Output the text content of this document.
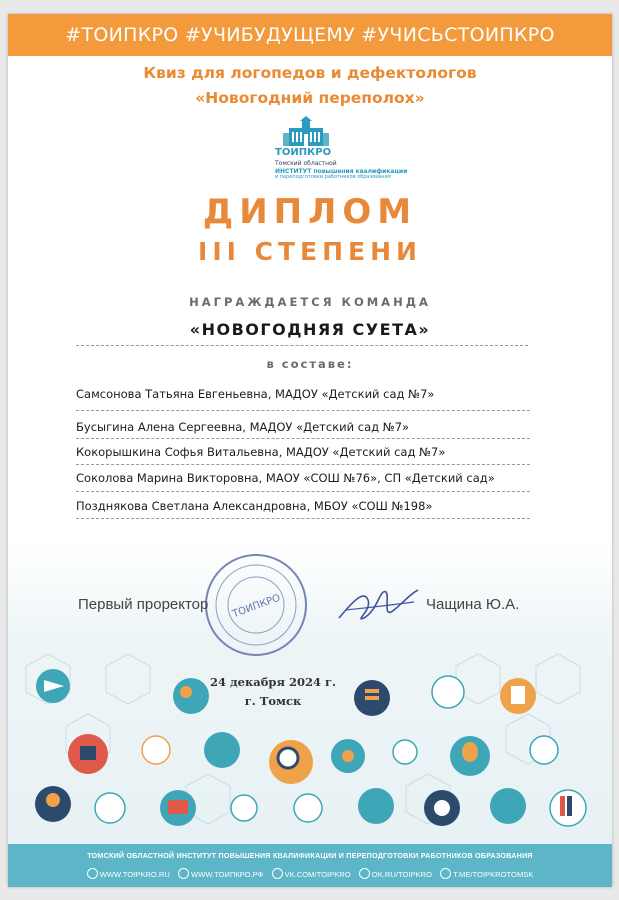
#ТОИПКРО #УЧИБУДУЩЕМУ #УЧИСЬСТОИПКРО
Квиз для логопедов и дефектологов
«Новогодний переполох»
ТОИПКРО
Томский областной
ИНСТИТУТ повышения квалификации
и переподготовки работников образования
ДИПЛОМ
III СТЕПЕНИ
НАГРАЖДАЕТСЯ КОМАНДА
«НОВОГОДНЯЯ СУЕТА»
в составе:
Самсонова Татьяна Евгеньевна, МАДОУ «Детский сад №7»
Бусыгина Алена Сергеевна, МАДОУ «Детский сад №7»
Кокорышкина Софья Витальевна, МАДОУ «Детский сад №7»
Соколова Марина Викторовна, МАОУ «СОШ №76», СП «Детский сад»
Позднякова Светлана Александровна, МБОУ «СОШ №198»
ТОИПКРО
Первый проректор	Чащина Ю.А.
24 декабря 2024 г.
г. Томск
ТОМСКИЙ ОБЛАСТНОЙ ИНСТИТУТ ПОВЫШЕНИЯ КВАЛИФИКАЦИИ И ПЕРЕПОДГОТОВКИ РАБОТНИКОВ ОБРАЗОВАНИЯ
WWW.TOIPKRO.RU	WWW.ТОИПКРО.РФ	VK.COM/TOIPKRO	OK.RU/TOIPKRO	T.ME/TOIPKROTOMSK
